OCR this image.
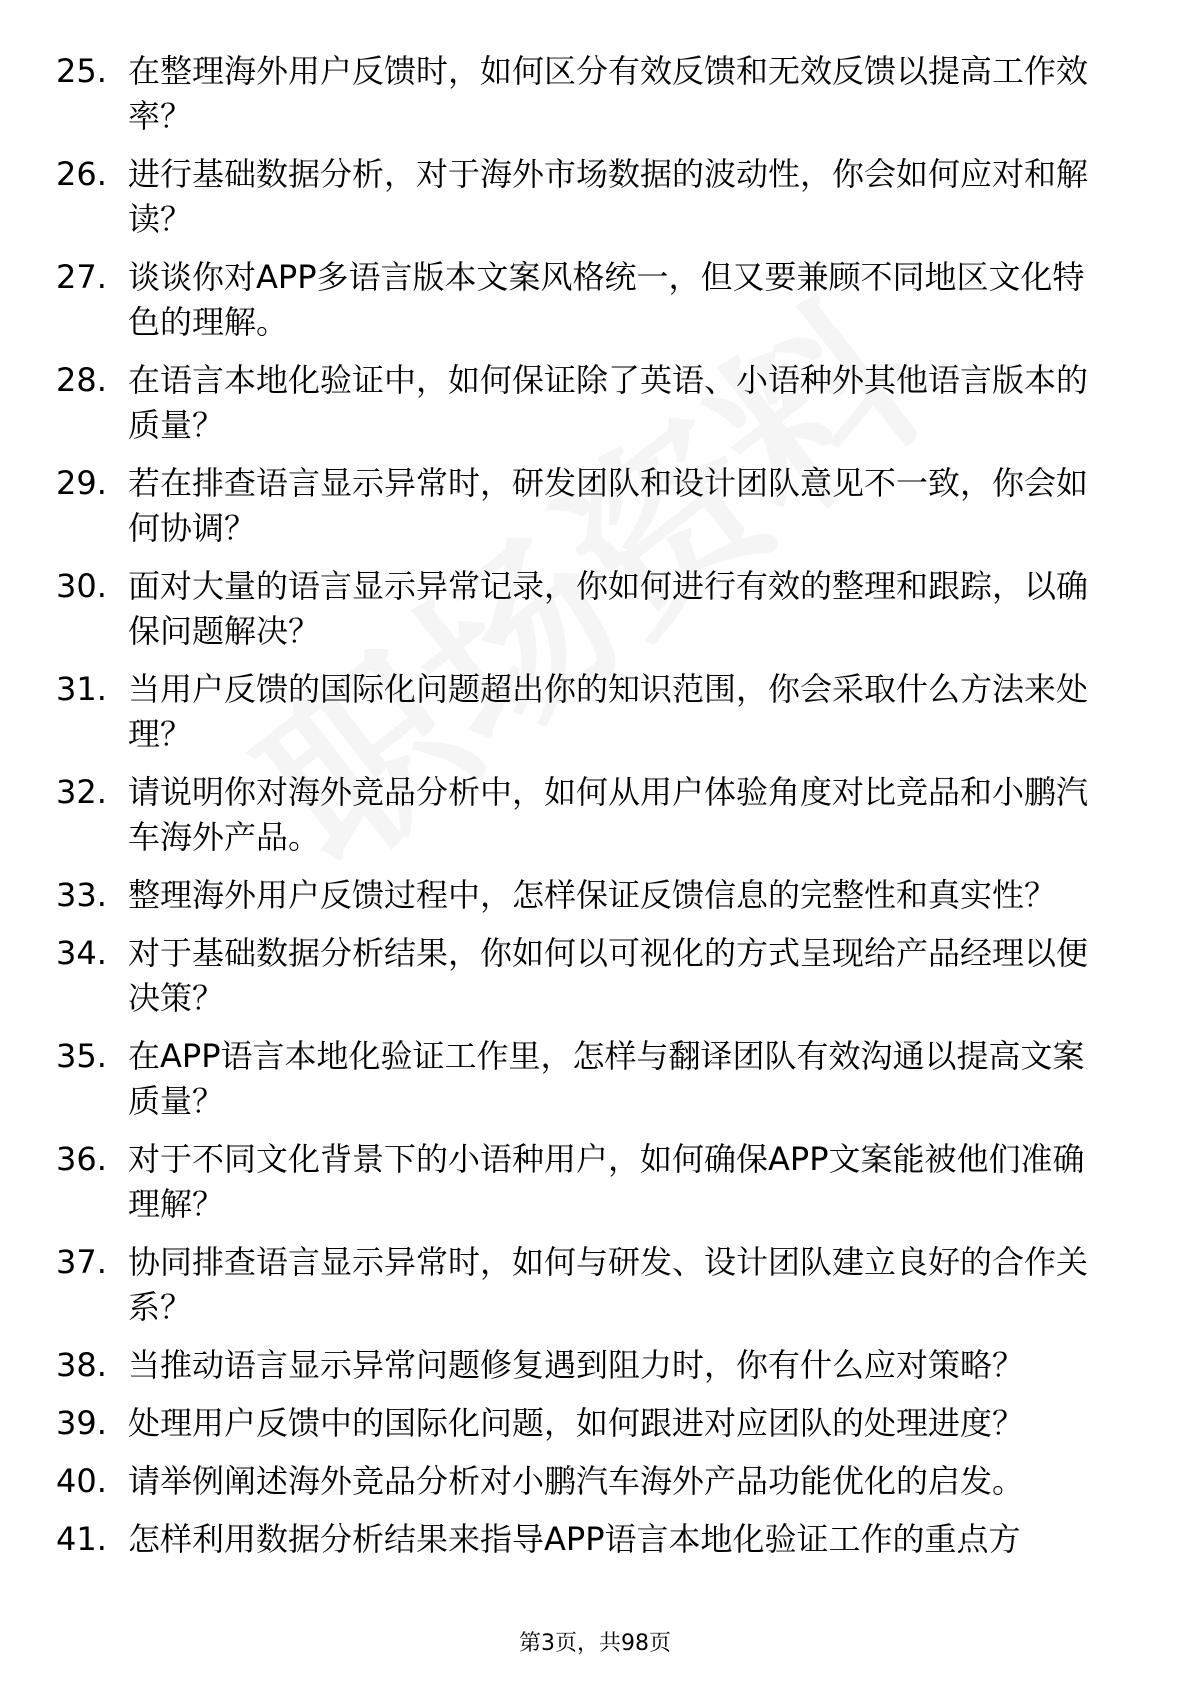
25. 在整理海外用户反馈时，如何区分有效反馈和无效反馈以提高工作效率？
26. 进行基础数据分析，对于海外市场数据的波动性，你会如何应对和解读？
27. 谈谈你对APP多语言版本文案风格统一，但又要兼顾不同地区文化特色的理解。
28. 在语言本地化验证中，如何保证除了英语、小语种外其他语言版本的质量？
29. 若在排查语言显示异常时，研发团队和设计团队意见不一致，你会如何协调？
30. 面对大量的语言显示异常记录，你如何进行有效的整理和跟踪，以确保问题解决？
31. 当用户反馈的国际化问题超出你的知识范围，你会采取什么方法来处理？
32. 请说明你对海外竞品分析中，如何从用户体验角度对比竞品和小鹏汽车海外产品。
33. 整理海外用户反馈过程中，怎样保证反馈信息的完整性和真实性？
34. 对于基础数据分析结果，你如何以可视化的方式呈现给产品经理以便决策？
35. 在APP语言本地化验证工作里，怎样与翻译团队有效沟通以提高文案质量？
36. 对于不同文化背景下的小语种用户，如何确保APP文案能被他们准确理解？
37. 协同排查语言显示异常时，如何与研发、设计团队建立良好的合作关系？
38. 当推动语言显示异常问题修复遇到阻力时，你有什么应对策略？
39. 处理用户反馈中的国际化问题，如何跟进对应团队的处理进度？
40. 请举例阐述海外竞品分析对小鹏汽车海外产品功能优化的启发。
41. 怎样利用数据分析结果来指导APP语言本地化验证工作的重点方
第3页，共98页
